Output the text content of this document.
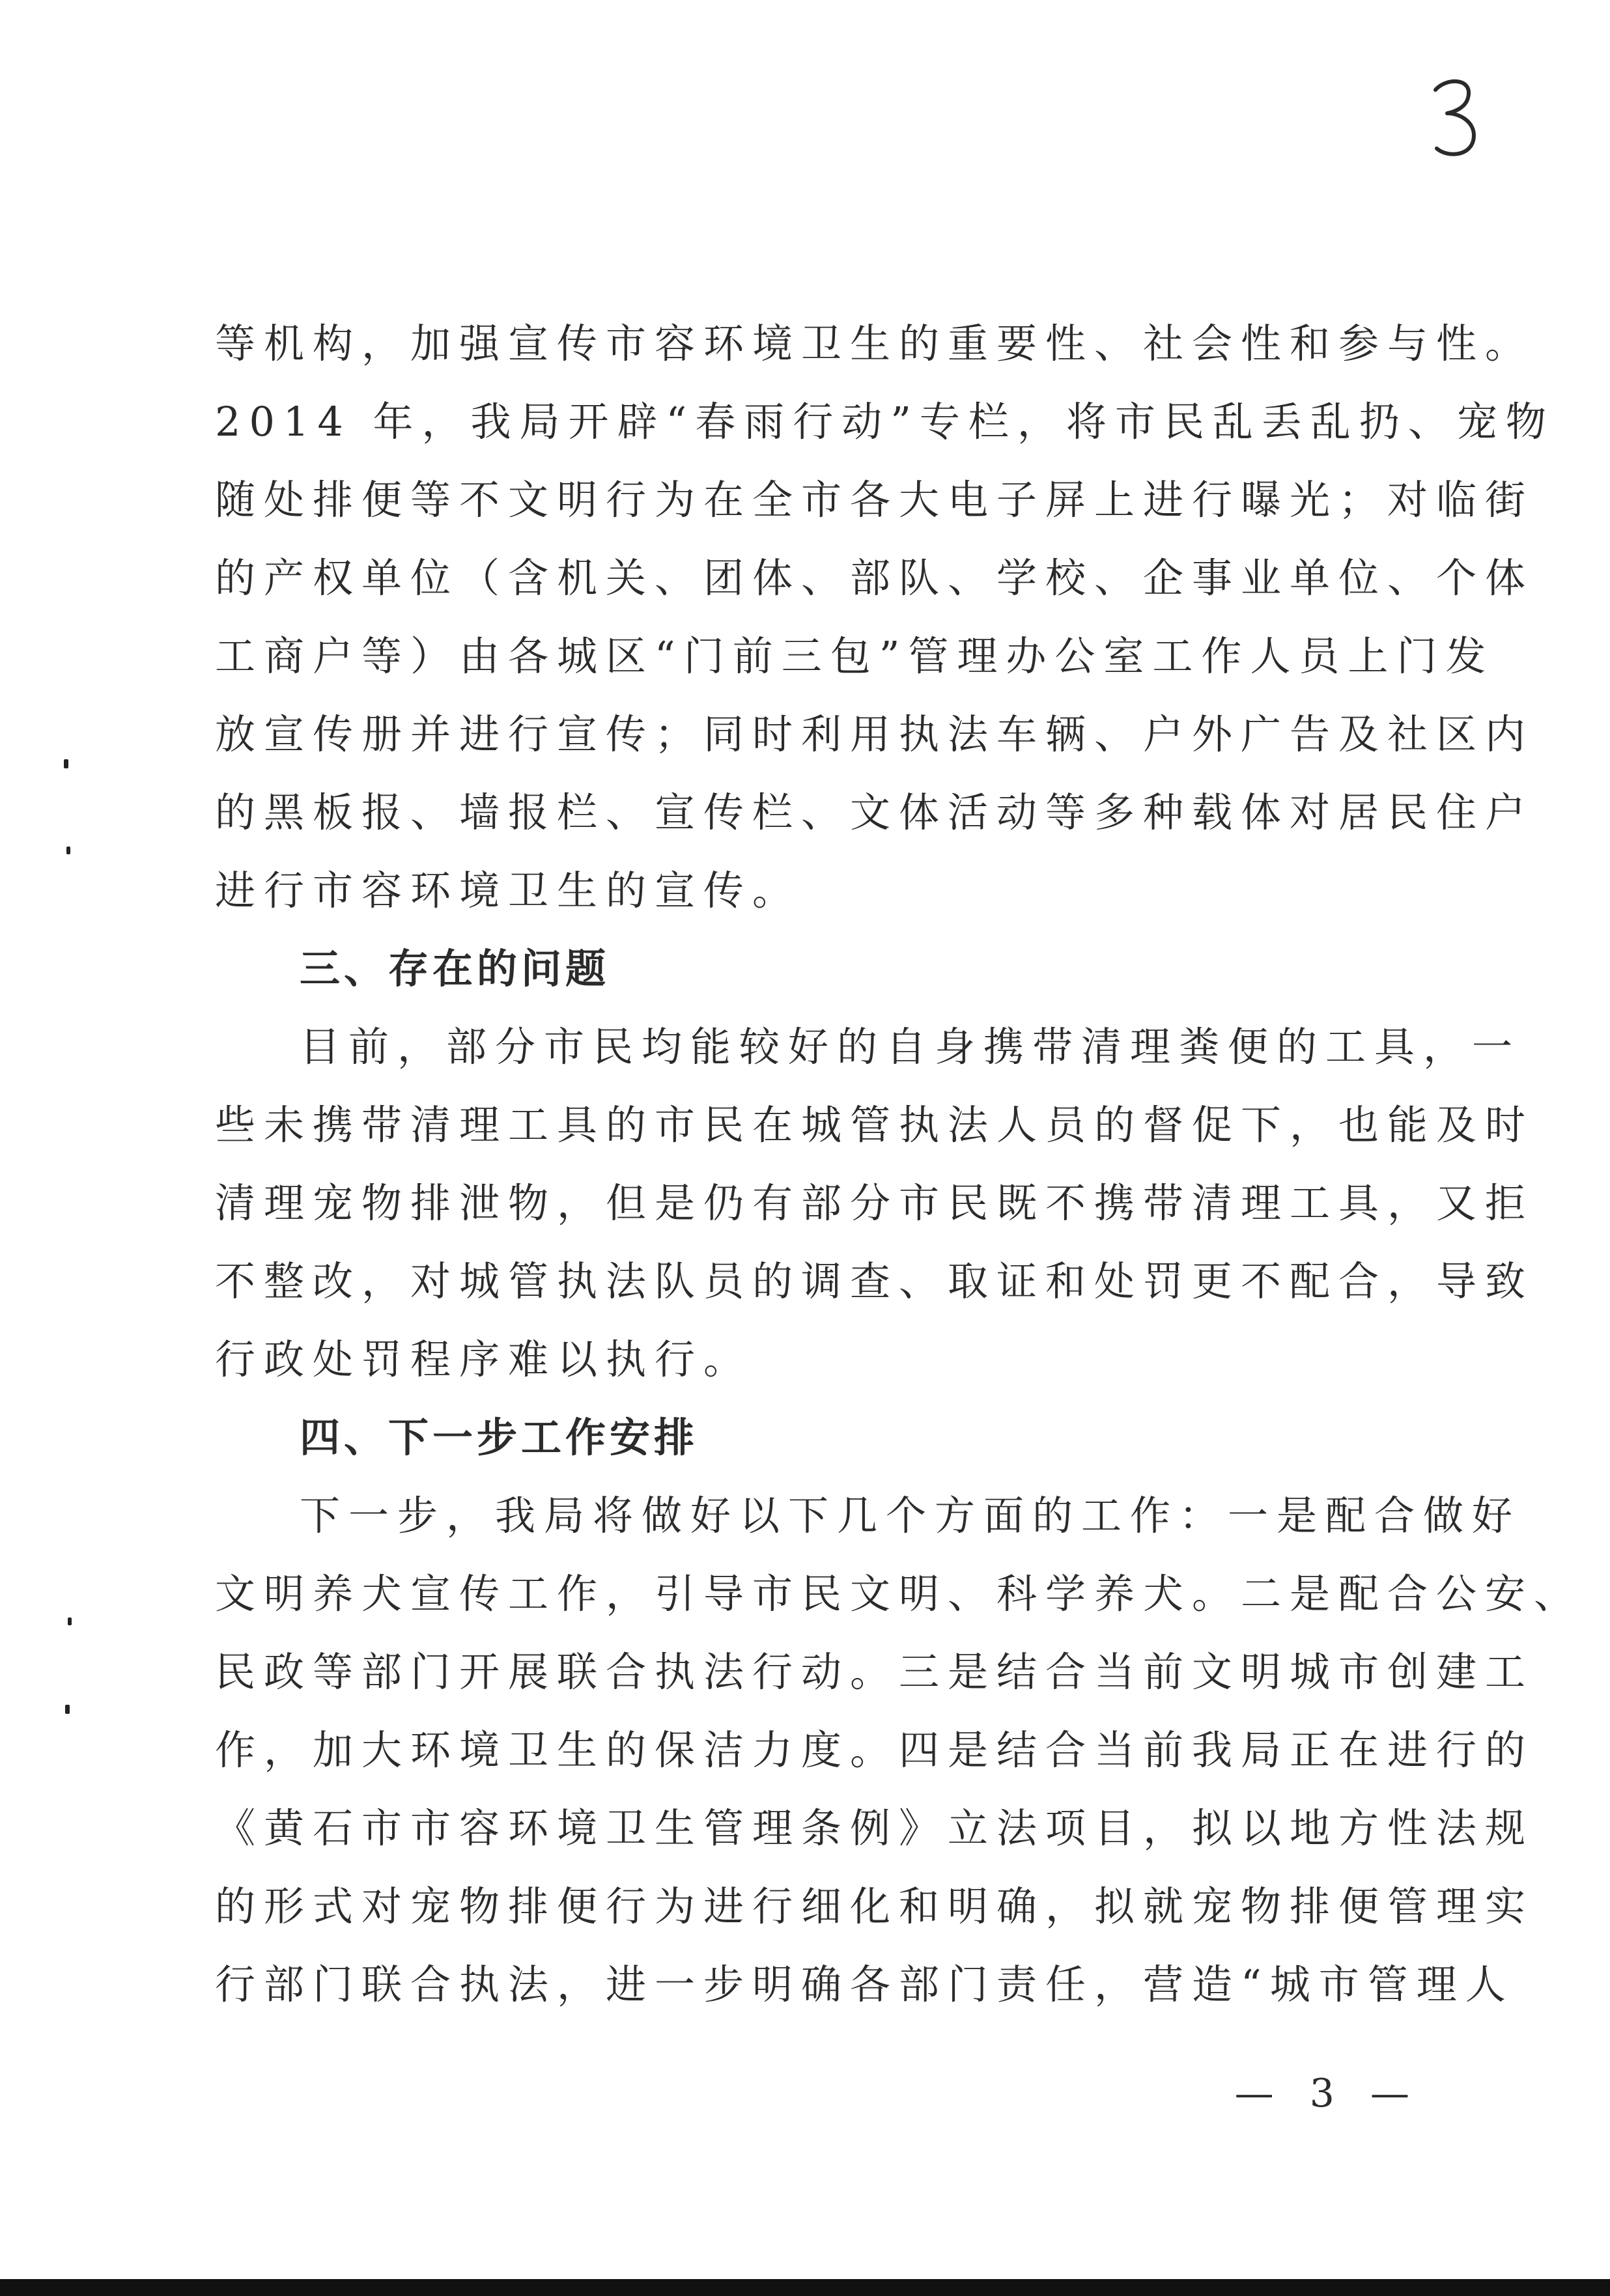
等机构，加强宣传市容环境卫生的重要性、社会性和参与性。
2014 年，我局开辟“春雨行动”专栏，将市民乱丢乱扔、宠物
随处排便等不文明行为在全市各大电子屏上进行曝光；对临街
的产权单位（含机关、团体、部队、学校、企事业单位、个体
工商户等）由各城区“门前三包”管理办公室工作人员上门发
放宣传册并进行宣传；同时利用执法车辆、户外广告及社区内
的黑板报、墙报栏、宣传栏、文体活动等多种载体对居民住户
进行市容环境卫生的宣传。
三、存在的问题
目前，部分市民均能较好的自身携带清理粪便的工具，一
些未携带清理工具的市民在城管执法人员的督促下，也能及时
清理宠物排泄物，但是仍有部分市民既不携带清理工具，又拒
不整改，对城管执法队员的调查、取证和处罚更不配合，导致
行政处罚程序难以执行。
四、下一步工作安排
下一步，我局将做好以下几个方面的工作：一是配合做好
文明养犬宣传工作，引导市民文明、科学养犬。二是配合公安、
民政等部门开展联合执法行动。三是结合当前文明城市创建工
作，加大环境卫生的保洁力度。四是结合当前我局正在进行的
《黄石市市容环境卫生管理条例》立法项目，拟以地方性法规
的形式对宠物排便行为进行细化和明确，拟就宠物排便管理实
行部门联合执法，进一步明确各部门责任，营造“城市管理人
— 3 —
